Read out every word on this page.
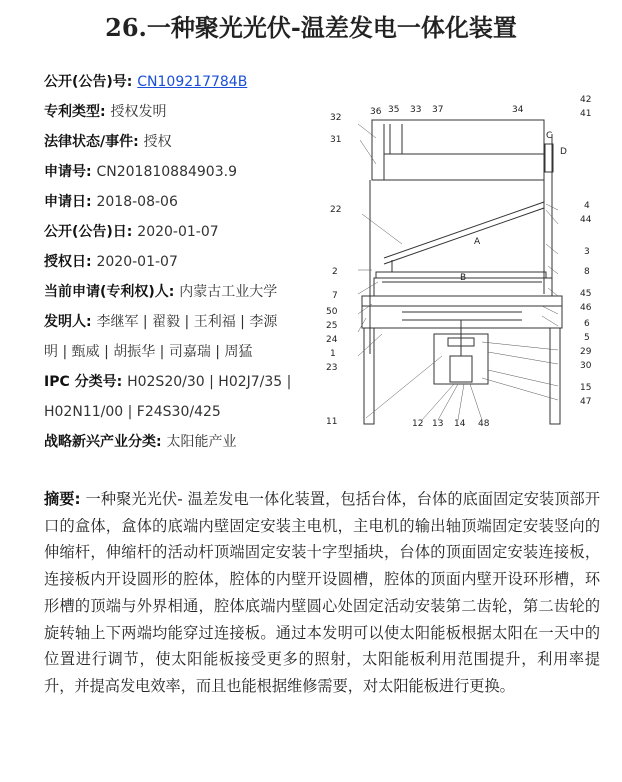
26.一种聚光光伏-温差发电一体化装置
公开(公告)号: CN109217784B
专利类型: 授权发明
法律状态/事件: 授权
申请号: CN201810884903.9
申请日: 2018-08-06
公开(公告)日: 2020-01-07
授权日: 2020-01-07
当前申请(专利权)人: 内蒙古工业大学
发明人: 李继军 | 翟毅 | 王利福 | 李源
明 | 甄威 | 胡振华 | 司嘉瑞 | 周猛
IPC 分类号: H02S20/30 | H02J7/35 |
H02N11/00 | F24S30/425
战略新兴产业分类: 太阳能产业
32
36 35 33 37	34
42
41
31
22
2
7
50
25
24
1
23
11
4
44
3
8
45
46
6
5
29
30
15
47
12 13 14 48
C
D
A
B
摘要: 一种聚光光伏- 温差发电一体化装置，包括台体，台体的底面固定安装顶部开口的盒体，盒体的底端内壁固定安装主电机，主电机的输出轴顶端固定安装竖向的伸缩杆，伸缩杆的活动杆顶端固定安装十字型插块，台体的顶面固定安装连接板，连接板内开设圆形的腔体，腔体的内壁开设圆槽，腔体的顶面内壁开设环形槽，环形槽的顶端与外界相通，腔体底端内壁圆心处固定活动安装第二齿轮，第二齿轮的旋转轴上下两端均能穿过连接板。通过本发明可以使太阳能板根据太阳在一天中的位置进行调节，使太阳能板接受更多的照射，太阳能板利用范围提升，利用率提升，并提高发电效率，而且也能根据维修需要，对太阳能板进行更换。
